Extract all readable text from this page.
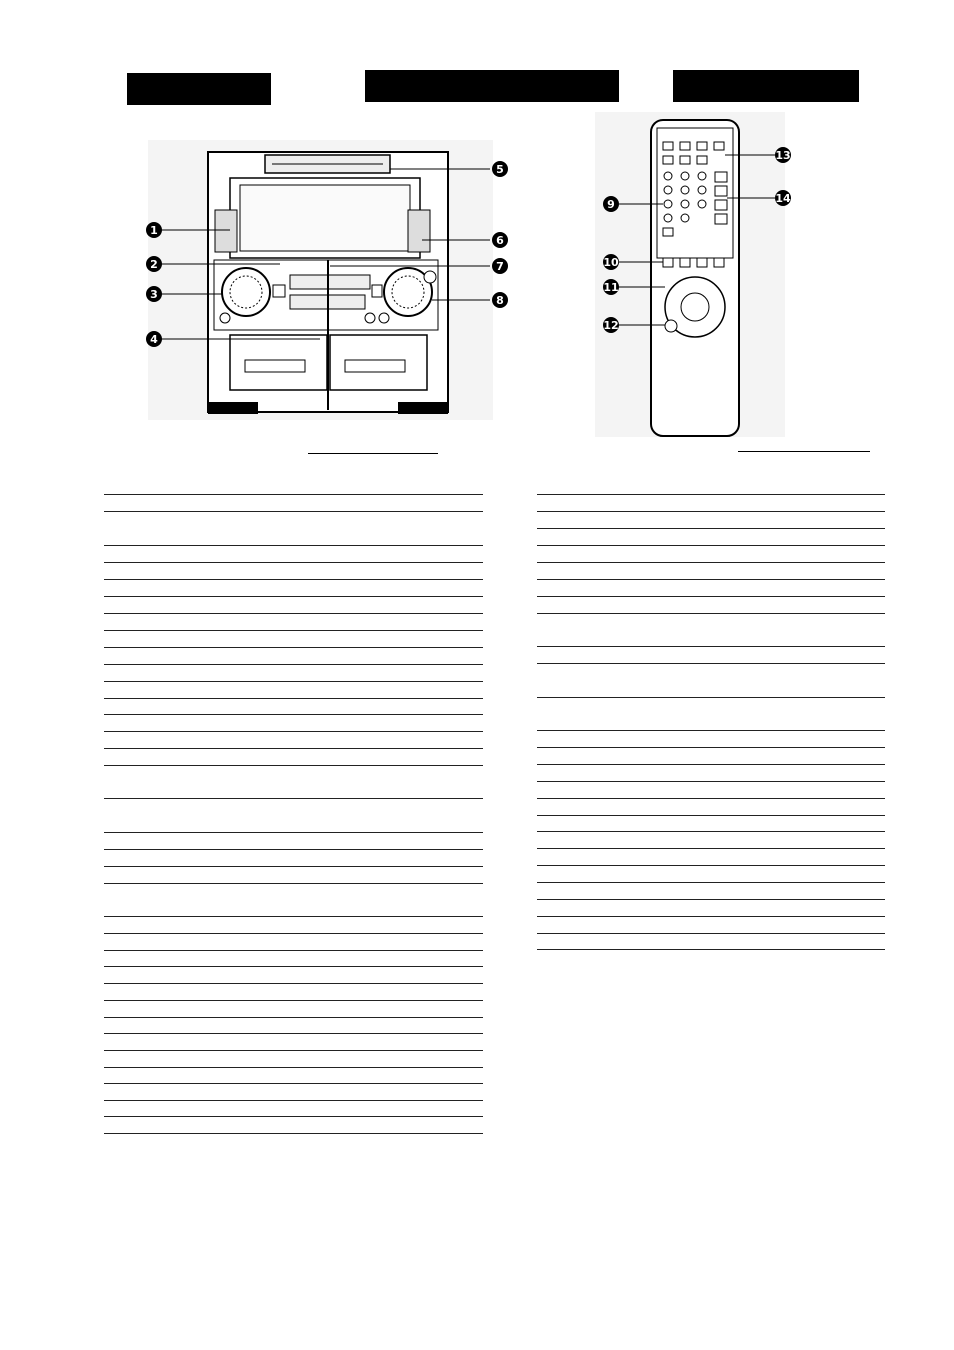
1
2
3
4
5
6
7
8
9
10
11
12
13
14
